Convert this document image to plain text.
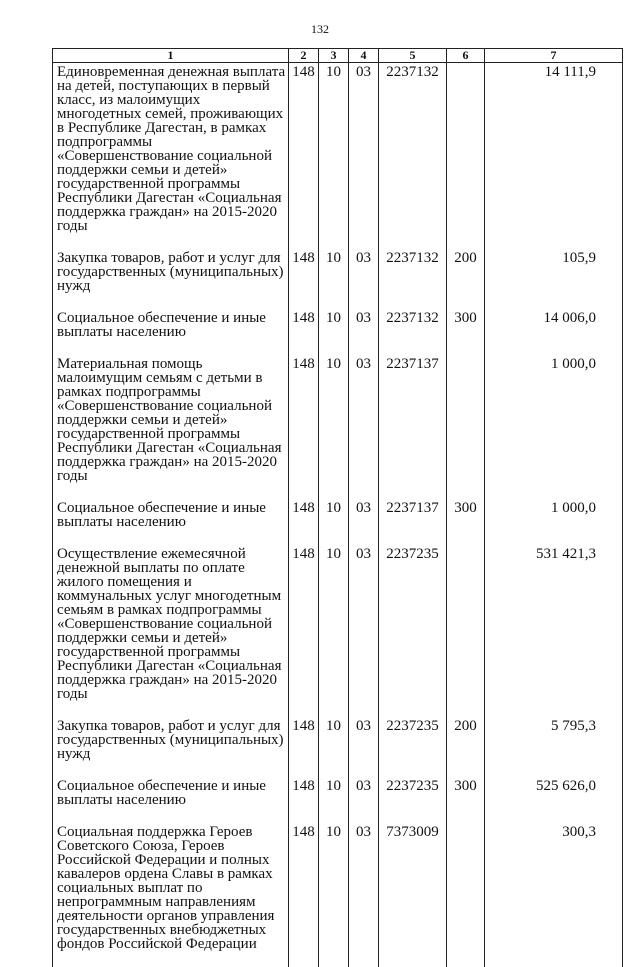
132
1	2	3	4	5	6	7
Единовременная денежная выплата на детей, поступающих в первый класс, из малоимущих многодетных семей, проживающих в Республике Дагестан, в рамках подпрограммы «Совершенствование социальной поддержки семьи и детей» государственной программы Республики Дагестан «Социальная поддержка граждан» на 2015-2020 годы	148	10	03	2237132		14 111,9
Закупка товаров, работ и услуг для государственных (муниципальных) нужд	148	10	03	2237132	200	105,9
Социальное обеспечение и иные выплаты населению	148	10	03	2237132	300	14 006,0
Материальная помощь малоимущим семьям с детьми в рамках подпрограммы «Совершенствование социальной поддержки семьи и детей» государственной программы Республики Дагестан «Социальная поддержка граждан» на 2015-2020 годы	148	10	03	2237137		1 000,0
Социальное обеспечение и иные выплаты населению	148	10	03	2237137	300	1 000,0
Осуществление ежемесячной денежной выплаты по оплате жилого помещения и коммунальных услуг многодетным семьям в рамках подпрограммы «Совершенствование социальной поддержки семьи и детей» государственной программы Республики Дагестан «Социальная поддержка граждан» на 2015-2020 годы	148	10	03	2237235		531 421,3
Закупка товаров, работ и услуг для государственных (муниципальных) нужд	148	10	03	2237235	200	5 795,3
Социальное обеспечение и иные выплаты населению	148	10	03	2237235	300	525 626,0
Социальная поддержка Героев Советского Союза, Героев Российской Федерации и полных кавалеров ордена Славы в рамках социальных выплат по непрограммным направлениям деятельности органов управления государственных внебюджетных фондов Российской Федерации	148	10	03	7373009		300,3
